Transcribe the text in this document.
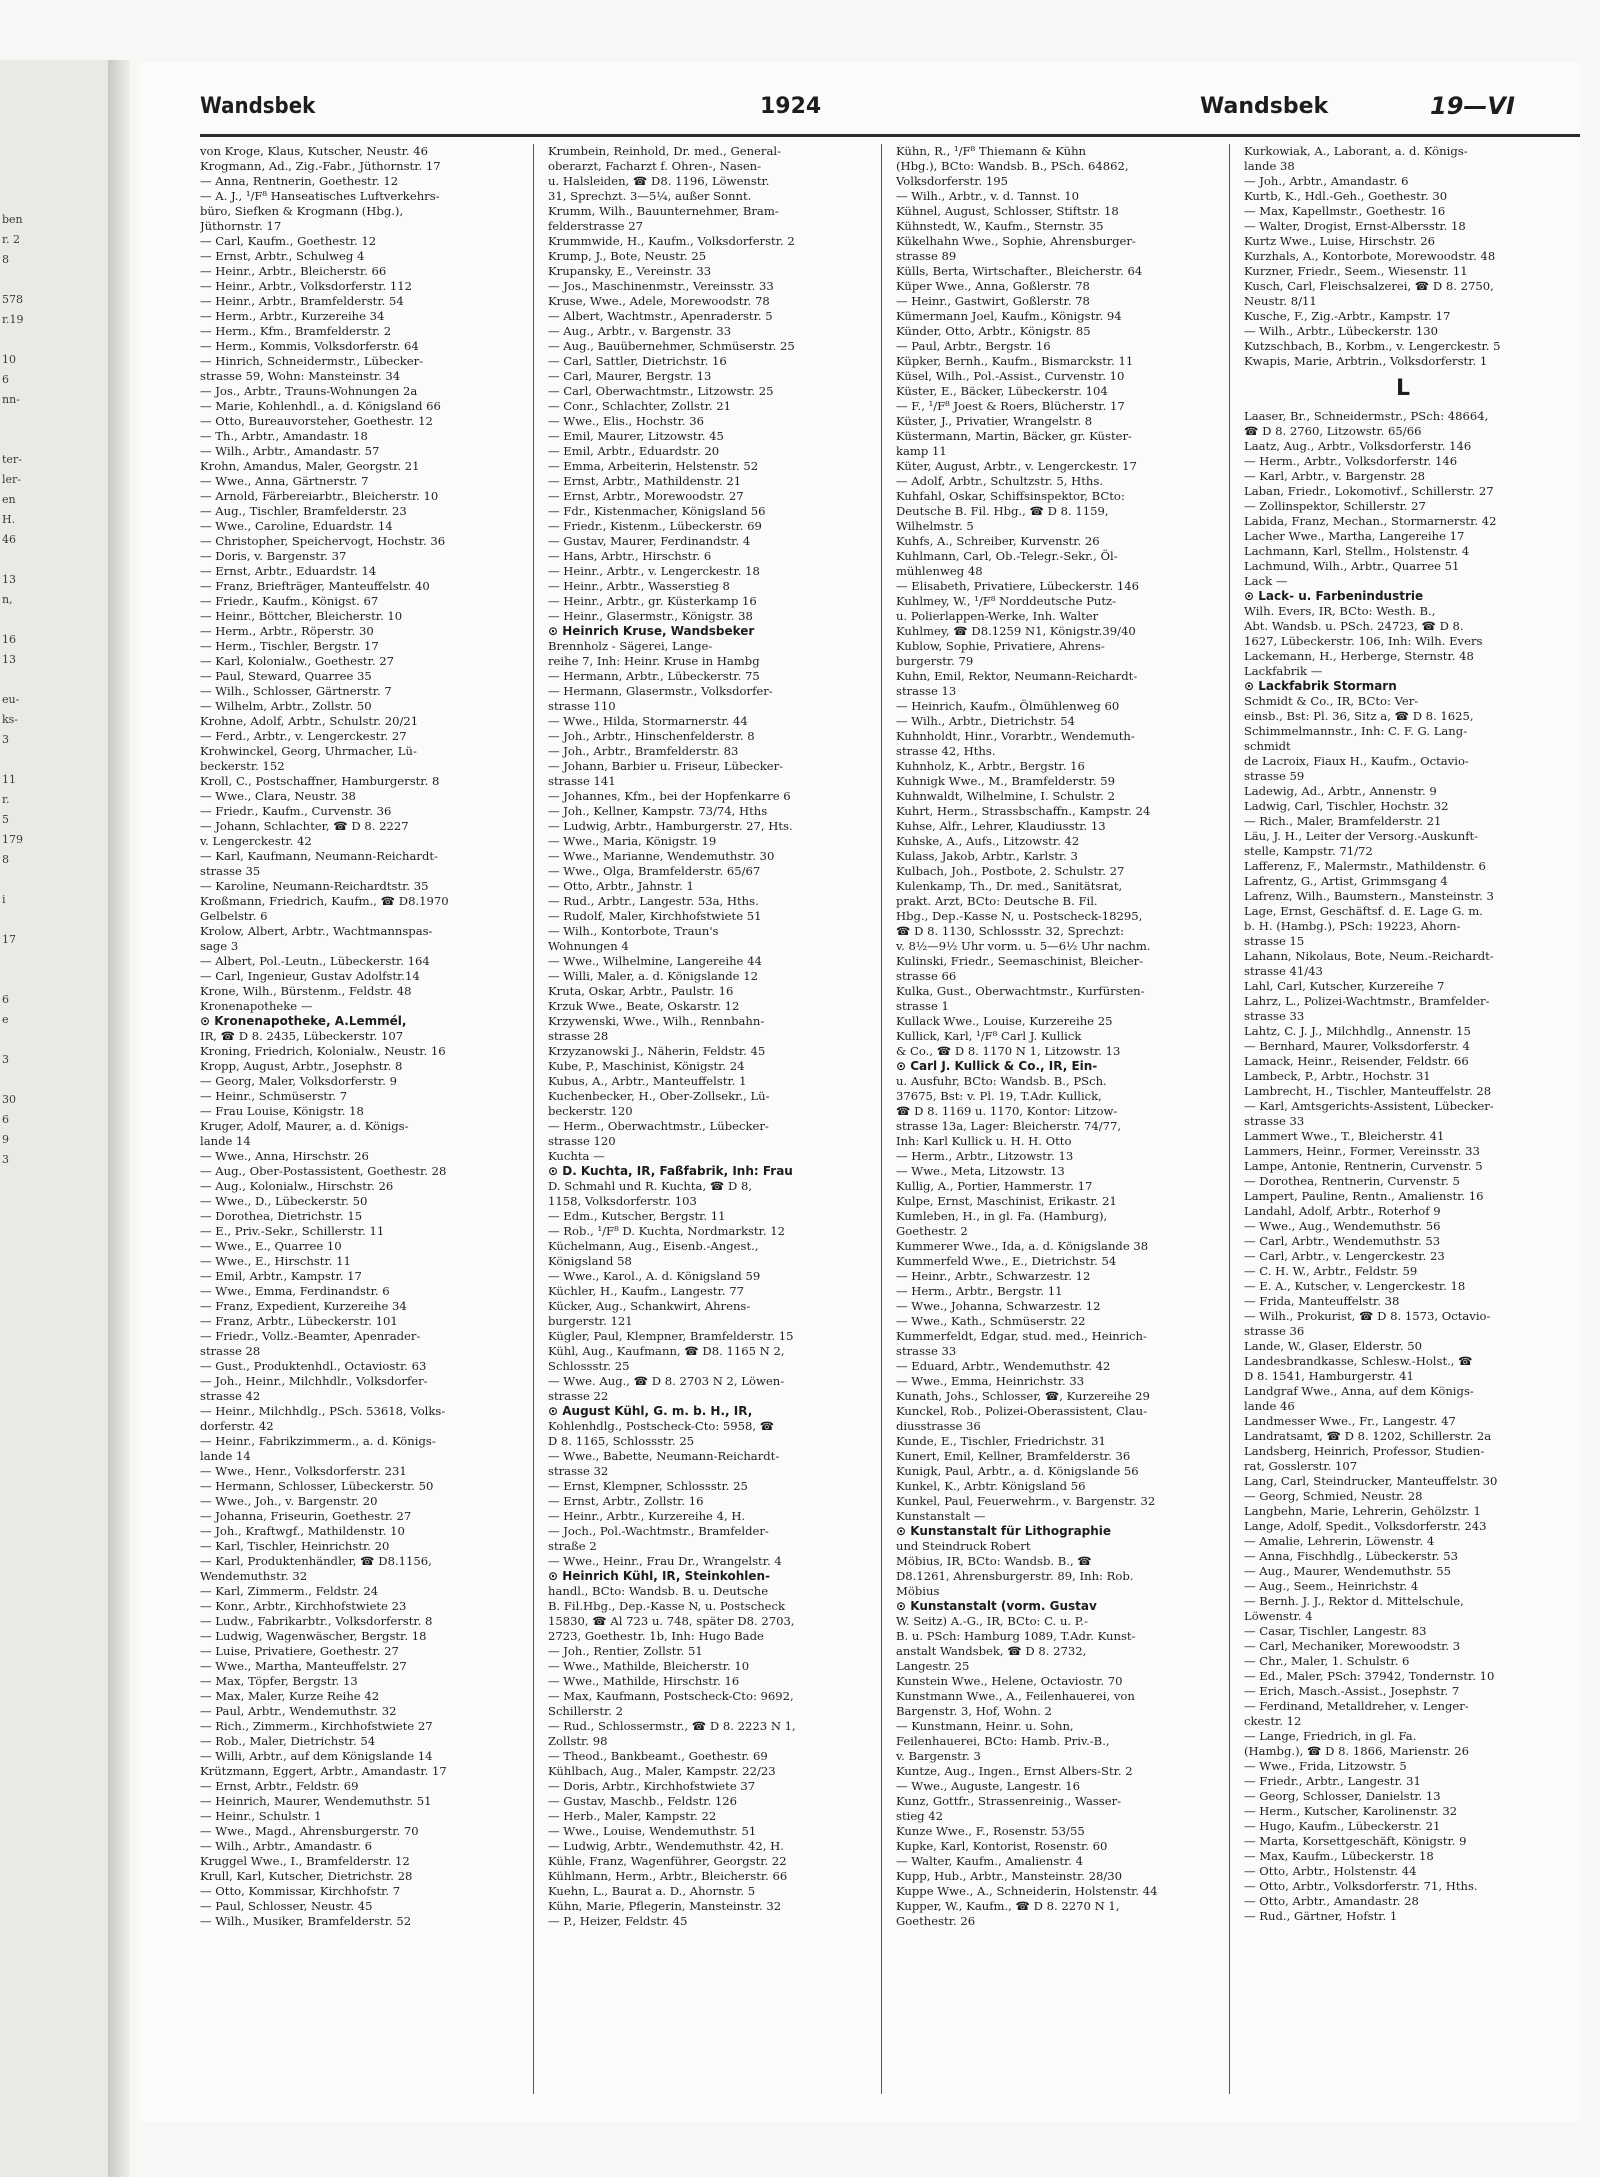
ben
r. 2
8

578
r.19

10
6
nn-

ter-
ler-
en
H.
46

13
n,

16
13

eu-
ks-
3

11
r.
5
179
8

i

17

6
e

3

30
6
9
3
Wandsbek	1924	Wandsbek	19—VI
von Kroge, Klaus, Kutscher, Neustr. 46
Krogmann, Ad., Zig.-Fabr., Jüthornstr. 17
— Anna, Rentnerin, Goethestr. 12
— A. J., ¹/F⁸ Hanseatisches Luftverkehrs-
büro, Siefken & Krogmann (Hbg.),
Jüthornstr. 17
— Carl, Kaufm., Goethestr. 12
— Ernst, Arbtr., Schulweg 4
— Heinr., Arbtr., Bleicherstr. 66
— Heinr., Arbtr., Volksdorferstr. 112
— Heinr., Arbtr., Bramfelderstr. 54
— Herm., Arbtr., Kurzereihe 34
— Herm., Kfm., Bramfelderstr. 2
— Herm., Kommis, Volksdorferstr. 64
— Hinrich, Schneidermstr., Lübecker-
strasse 59, Wohn: Mansteinstr. 34
— Jos., Arbtr., Trauns-Wohnungen 2a
— Marie, Kohlenhdl., a. d. Königsland 66
— Otto, Bureauvorsteher, Goethestr. 12
— Th., Arbtr., Amandastr. 18
— Wilh., Arbtr., Amandastr. 57
Krohn, Amandus, Maler, Georgstr. 21
— Wwe., Anna, Gärtnerstr. 7
— Arnold, Färbereiarbtr., Bleicherstr. 10
— Aug., Tischler, Bramfelderstr. 23
— Wwe., Caroline, Eduardstr. 14
— Christopher, Speichervogt, Hochstr. 36
— Doris, v. Bargenstr. 37
— Ernst, Arbtr., Eduardstr. 14
— Franz, Briefträger, Manteuffelstr. 40
— Friedr., Kaufm., Königst. 67
— Heinr., Böttcher, Bleicherstr. 10
— Herm., Arbtr., Röperstr. 30
— Herm., Tischler, Bergstr. 17
— Karl, Kolonialw., Goethestr. 27
— Paul, Steward, Quarree 35
— Wilh., Schlosser, Gärtnerstr. 7
— Wilhelm, Arbtr., Zollstr. 50
Krohne, Adolf, Arbtr., Schulstr. 20/21
— Ferd., Arbtr., v. Lengerckestr. 27
Krohwinckel, Georg, Uhrmacher, Lü-
beckerstr. 152
Kroll, C., Postschaffner, Hamburgerstr. 8
— Wwe., Clara, Neustr. 38
— Friedr., Kaufm., Curvenstr. 36
— Johann, Schlachter, ☎ D 8. 2227
v. Lengerckestr. 42
— Karl, Kaufmann, Neumann-Reichardt-
strasse 35
— Karoline, Neumann-Reichardtstr. 35
Kroßmann, Friedrich, Kaufm., ☎ D8.1970
Gelbelstr. 6
Krolow, Albert, Arbtr., Wachtmannspas-
sage 3
— Albert, Pol.-Leutn., Lübeckerstr. 164
— Carl, Ingenieur, Gustav Adolfstr.14
Krone, Wilh., Bürstenm., Feldstr. 48
Kronenapotheke —
⊙ Kronenapotheke, A.Lemmél,
IR, ☎ D 8. 2435, Lübeckerstr. 107
Kroning, Friedrich, Kolonialw., Neustr. 16
Kropp, August, Arbtr., Josephstr. 8
— Georg, Maler, Volksdorferstr. 9
— Heinr., Schmüserstr. 7
— Frau Louise, Königstr. 18
Kruger, Adolf, Maurer, a. d. Königs-
lande 14
— Wwe., Anna, Hirschstr. 26
— Aug., Ober-Postassistent, Goethestr. 28
— Aug., Kolonialw., Hirschstr. 26
— Wwe., D., Lübeckerstr. 50
— Dorothea, Dietrichstr. 15
— E., Priv.-Sekr., Schillerstr. 11
— Wwe., E., Quarree 10
— Wwe., E., Hirschstr. 11
— Emil, Arbtr., Kampstr. 17
— Wwe., Emma, Ferdinandstr. 6
— Franz, Expedient, Kurzereihe 34
— Franz, Arbtr., Lübeckerstr. 101
— Friedr., Vollz.-Beamter, Apenrader-
strasse 28
— Gust., Produktenhdl., Octaviostr. 63
— Joh., Heinr., Milchhdlr., Volksdorfer-
strasse 42
— Heinr., Milchhdlg., PSch. 53618, Volks-
dorferstr. 42
— Heinr., Fabrikzimmerm., a. d. Königs-
lande 14
— Wwe., Henr., Volksdorferstr. 231
— Hermann, Schlosser, Lübeckerstr. 50
— Wwe., Joh., v. Bargenstr. 20
— Johanna, Friseurin, Goethestr. 27
— Joh., Kraftwgf., Mathildenstr. 10
— Karl, Tischler, Heinrichstr. 20
— Karl, Produktenhändler, ☎ D8.1156,
Wendemuthstr. 32
— Karl, Zimmerm., Feldstr. 24
— Konr., Arbtr., Kirchhofstwiete 23
— Ludw., Fabrikarbtr., Volksdorferstr. 8
— Ludwig, Wagenwäscher, Bergstr. 18
— Luise, Privatiere, Goethestr. 27
— Wwe., Martha, Manteuffelstr. 27
— Max, Töpfer, Bergstr. 13
— Max, Maler, Kurze Reihe 42
— Paul, Arbtr., Wendemuthstr. 32
— Rich., Zimmerm., Kirchhofstwiete 27
— Rob., Maler, Dietrichstr. 54
— Willi, Arbtr., auf dem Königslande 14
Krützmann, Eggert, Arbtr., Amandastr. 17
— Ernst, Arbtr., Feldstr. 69
— Heinrich, Maurer, Wendemuthstr. 51
— Heinr., Schulstr. 1
— Wwe., Magd., Ahrensburgerstr. 70
— Wilh., Arbtr., Amandastr. 6
Kruggel Wwe., I., Bramfelderstr. 12
Krull, Karl, Kutscher, Dietrichstr. 28
— Otto, Kommissar, Kirchhofstr. 7
— Paul, Schlosser, Neustr. 45
— Wilh., Musiker, Bramfelderstr. 52
Krumbein, Reinhold, Dr. med., General-
oberarzt, Facharzt f. Ohren-, Nasen-
u. Halsleiden, ☎ D8. 1196, Löwenstr.
31, Sprechzt. 3—5¼, außer Sonnt.
Krumm, Wilh., Bauunternehmer, Bram-
felderstrasse 27
Krummwide, H., Kaufm., Volksdorferstr. 2
Krump, J., Bote, Neustr. 25
Krupansky, E., Vereinstr. 33
— Jos., Maschinenmstr., Vereinsstr. 33
Kruse, Wwe., Adele, Morewoodstr. 78
— Albert, Wachtmstr., Apenraderstr. 5
— Aug., Arbtr., v. Bargenstr. 33
— Aug., Bauübernehmer, Schmüserstr. 25
— Carl, Sattler, Dietrichstr. 16
— Carl, Maurer, Bergstr. 13
— Carl, Oberwachtmstr., Litzowstr. 25
— Conr., Schlachter, Zollstr. 21
— Wwe., Elis., Hochstr. 36
— Emil, Maurer, Litzowstr. 45
— Emil, Arbtr., Eduardstr. 20
— Emma, Arbeiterin, Helstenstr. 52
— Ernst, Arbtr., Mathildenstr. 21
— Ernst, Arbtr., Morewoodstr. 27
— Fdr., Kistenmacher, Königsland 56
— Friedr., Kistenm., Lübeckerstr. 69
— Gustav, Maurer, Ferdinandstr. 4
— Hans, Arbtr., Hirschstr. 6
— Heinr., Arbtr., v. Lengerckestr. 18
— Heinr., Arbtr., Wasserstieg 8
— Heinr., Arbtr., gr. Küsterkamp 16
— Heinr., Glasermstr., Königstr. 38
⊙ Heinrich Kruse, Wandsbeker
Brennholz - Sägerei, Lange-
reihe 7, Inh: Heinr. Kruse in Hambg
— Hermann, Arbtr., Lübeckerstr. 75
— Hermann, Glasermstr., Volksdorfer-
strasse 110
— Wwe., Hilda, Stormarnerstr. 44
— Joh., Arbtr., Hinschenfelderstr. 8
— Joh., Arbtr., Bramfelderstr. 83
— Johann, Barbier u. Friseur, Lübecker-
strasse 141
— Johannes, Kfm., bei der Hopfenkarre 6
— Joh., Kellner, Kampstr. 73/74, Hths
— Ludwig, Arbtr., Hamburgerstr. 27, Hts.
— Wwe., Maria, Königstr. 19
— Wwe., Marianne, Wendemuthstr. 30
— Wwe., Olga, Bramfelderstr. 65/67
— Otto, Arbtr., Jahnstr. 1
— Rud., Arbtr., Langestr. 53a, Hths.
— Rudolf, Maler, Kirchhofstwiete 51
— Wilh., Kontorbote, Traun's
Wohnungen 4
— Wwe., Wilhelmine, Langereihe 44
— Willi, Maler, a. d. Königslande 12
Kruta, Oskar, Arbtr., Paulstr. 16
Krzuk Wwe., Beate, Oskarstr. 12
Krzywenski, Wwe., Wilh., Rennbahn-
strasse 28
Krzyzanowski J., Näherin, Feldstr. 45
Kube, P., Maschinist, Königstr. 24
Kubus, A., Arbtr., Manteuffelstr. 1
Kuchenbecker, H., Ober-Zollsekr., Lü-
beckerstr. 120
— Herm., Oberwachtmstr., Lübecker-
strasse 120
Kuchta —
⊙ D. Kuchta, IR, Faßfabrik, Inh: Frau
D. Schmahl und R. Kuchta, ☎ D 8,
1158, Volksdorferstr. 103
— Edm., Kutscher, Bergstr. 11
— Rob., ¹/F⁸ D. Kuchta, Nordmarkstr. 12
Küchelmann, Aug., Eisenb.-Angest.,
Königsland 58
— Wwe., Karol., A. d. Königsland 59
Küchler, H., Kaufm., Langestr. 77
Kücker, Aug., Schankwirt, Ahrens-
burgerstr. 121
Kügler, Paul, Klempner, Bramfelderstr. 15
Kühl, Aug., Kaufmann, ☎ D8. 1165 N 2,
Schlossstr. 25
— Wwe. Aug., ☎ D 8. 2703 N 2, Löwen-
strasse 22
⊙ August Kühl, G. m. b. H., IR,
Kohlenhdlg., Postscheck-Cto: 5958, ☎
D 8. 1165, Schlossstr. 25
— Wwe., Babette, Neumann-Reichardt-
strasse 32
— Ernst, Klempner, Schlossstr. 25
— Ernst, Arbtr., Zollstr. 16
— Heinr., Arbtr., Kurzereihe 4, H.
— Joch., Pol.-Wachtmstr., Bramfelder-
straße 2
— Wwe., Heinr., Frau Dr., Wrangelstr. 4
⊙ Heinrich Kühl, IR, Steinkohlen-
handl., BCto: Wandsb. B. u. Deutsche
B. Fil.Hbg., Dep.-Kasse N, u. Postscheck
15830, ☎ Al 723 u. 748, später D8. 2703,
2723, Goethestr. 1b, Inh: Hugo Bade
— Joh., Rentier, Zollstr. 51
— Wwe., Mathilde, Bleicherstr. 10
— Wwe., Mathilde, Hirschstr. 16
— Max, Kaufmann, Postscheck-Cto: 9692,
Schillerstr. 2
— Rud., Schlossermstr., ☎ D 8. 2223 N 1,
Zollstr. 98
— Theod., Bankbeamt., Goethestr. 69
Kühlbach, Aug., Maler, Kampstr. 22/23
— Doris, Arbtr., Kirchhofstwiete 37
— Gustav, Maschb., Feldstr. 126
— Herb., Maler, Kampstr. 22
— Wwe., Louise, Wendemuthstr. 51
— Ludwig, Arbtr., Wendemuthstr. 42, H.
Kühle, Franz, Wagenführer, Georgstr. 22
Kühlmann, Herm., Arbtr., Bleicherstr. 66
Kuehn, L., Baurat a. D., Ahornstr. 5
Kühn, Marie, Pflegerin, Mansteinstr. 32
— P., Heizer, Feldstr. 45
Kühn, R., ¹/F⁸ Thiemann & Kühn
(Hbg.), BCto: Wandsb. B., PSch. 64862,
Volksdorferstr. 195
— Wilh., Arbtr., v. d. Tannst. 10
Kühnel, August, Schlosser, Stiftstr. 18
Kühnstedt, W., Kaufm., Sternstr. 35
Kükelhahn Wwe., Sophie, Ahrensburger-
strasse 89
Külls, Berta, Wirtschafter., Bleicherstr. 64
Küper Wwe., Anna, Goßlerstr. 78
— Heinr., Gastwirt, Goßlerstr. 78
Kümermann Joel, Kaufm., Königstr. 94
Künder, Otto, Arbtr., Königstr. 85
— Paul, Arbtr., Bergstr. 16
Küpker, Bernh., Kaufm., Bismarckstr. 11
Küsel, Wilh., Pol.-Assist., Curvenstr. 10
Küster, E., Bäcker, Lübeckerstr. 104
— F., ¹/F⁸ Joest & Roers, Blücherstr. 17
Küster, J., Privatier, Wrangelstr. 8
Küstermann, Martin, Bäcker, gr. Küster-
kamp 11
Küter, August, Arbtr., v. Lengerckestr. 17
— Adolf, Arbtr., Schultzstr. 5, Hths.
Kuhfahl, Oskar, Schiffsinspektor, BCto:
Deutsche B. Fil. Hbg., ☎ D 8. 1159,
Wilhelmstr. 5
Kuhfs, A., Schreiber, Kurvenstr. 26
Kuhlmann, Carl, Ob.-Telegr.-Sekr., Öl-
mühlenweg 48
— Elisabeth, Privatiere, Lübeckerstr. 146
Kuhlmey, W., ¹/F⁸ Norddeutsche Putz-
u. Polierlappen-Werke, Inh. Walter
Kuhlmey, ☎ D8.1259 N1, Königstr.39/40
Kublow, Sophie, Privatiere, Ahrens-
burgerstr. 79
Kuhn, Emil, Rektor, Neumann-Reichardt-
strasse 13
— Heinrich, Kaufm., Ölmühlenweg 60
— Wilh., Arbtr., Dietrichstr. 54
Kuhnholdt, Hinr., Vorarbtr., Wendemuth-
strasse 42, Hths.
Kuhnholz, K., Arbtr., Bergstr. 16
Kuhnigk Wwe., M., Bramfelderstr. 59
Kuhnwaldt, Wilhelmine, I. Schulstr. 2
Kuhrt, Herm., Strassbschaffn., Kampstr. 24
Kuhse, Alfr., Lehrer, Klaudiusstr. 13
Kuhske, A., Aufs., Litzowstr. 42
Kulass, Jakob, Arbtr., Karlstr. 3
Kulbach, Joh., Postbote, 2. Schulstr. 27
Kulenkamp, Th., Dr. med., Sanitätsrat,
prakt. Arzt, BCto: Deutsche B. Fil.
Hbg., Dep.-Kasse N, u. Postscheck-18295,
☎ D 8. 1130, Schlossstr. 32, Sprechzt:
v. 8½—9½ Uhr vorm. u. 5—6½ Uhr nachm.
Kulinski, Friedr., Seemaschinist, Bleicher-
strasse 66
Kulka, Gust., Oberwachtmstr., Kurfürsten-
strasse 1
Kullack Wwe., Louise, Kurzereihe 25
Kullick, Karl, ¹/F⁸ Carl J. Kullick
& Co., ☎ D 8. 1170 N 1, Litzowstr. 13
⊙ Carl J. Kullick & Co., IR, Ein-
u. Ausfuhr, BCto: Wandsb. B., PSch.
37675, Bst: v. Pl. 19, T.Adr. Kullick,
☎ D 8. 1169 u. 1170, Kontor: Litzow-
strasse 13a, Lager: Bleicherstr. 74/77,
Inh: Karl Kullick u. H. H. Otto
— Herm., Arbtr., Litzowstr. 13
— Wwe., Meta, Litzowstr. 13
Kullig, A., Portier, Hammerstr. 17
Kulpe, Ernst, Maschinist, Erikastr. 21
Kumleben, H., in gl. Fa. (Hamburg),
Goethestr. 2
Kummerer Wwe., Ida, a. d. Königslande 38
Kummerfeld Wwe., E., Dietrichstr. 54
— Heinr., Arbtr., Schwarzestr. 12
— Herm., Arbtr., Bergstr. 11
— Wwe., Johanna, Schwarzestr. 12
— Wwe., Kath., Schmüserstr. 22
Kummerfeldt, Edgar, stud. med., Heinrich-
strasse 33
— Eduard, Arbtr., Wendemuthstr. 42
— Wwe., Emma, Heinrichstr. 33
Kunath, Johs., Schlosser, ☎, Kurzereihe 29
Kunckel, Rob., Polizei-Oberassistent, Clau-
diusstrasse 36
Kunde, E., Tischler, Friedrichstr. 31
Kunert, Emil, Kellner, Bramfelderstr. 36
Kunigk, Paul, Arbtr., a. d. Königslande 56
Kunkel, K., Arbtr. Königsland 56
Kunkel, Paul, Feuerwehrm., v. Bargenstr. 32
Kunstanstalt —
⊙ Kunstanstalt für Lithographie
und Steindruck Robert
Möbius, IR, BCto: Wandsb. B., ☎
D8.1261, Ahrensburgerstr. 89, Inh: Rob.
Möbius
⊙ Kunstanstalt (vorm. Gustav
W. Seitz) A.-G., IR, BCto: C. u. P.-
B. u. PSch: Hamburg 1089, T.Adr. Kunst-
anstalt Wandsbek, ☎ D 8. 2732,
Langestr. 25
Kunstein Wwe., Helene, Octaviostr. 70
Kunstmann Wwe., A., Feilenhauerei, von
Bargenstr. 3, Hof, Wohn. 2
— Kunstmann, Heinr. u. Sohn,
Feilenhauerei, BCto: Hamb. Priv.-B.,
v. Bargenstr. 3
Kuntze, Aug., Ingen., Ernst Albers-Str. 2
— Wwe., Auguste, Langestr. 16
Kunz, Gottfr., Strassenreinig., Wasser-
stieg 42
Kunze Wwe., F., Rosenstr. 53/55
Kupke, Karl, Kontorist, Rosenstr. 60
— Walter, Kaufm., Amalienstr. 4
Kupp, Hub., Arbtr., Mansteinstr. 28/30
Kuppe Wwe., A., Schneiderin, Holstenstr. 44
Kupper, W., Kaufm., ☎ D 8. 2270 N 1,
Goethestr. 26
Kurkowiak, A., Laborant, a. d. Königs-
lande 38
— Joh., Arbtr., Amandastr. 6
Kurtb, K., Hdl.-Geh., Goethestr. 30
— Max, Kapellmstr., Goethestr. 16
— Walter, Drogist, Ernst-Albersstr. 18
Kurtz Wwe., Luise, Hirschstr. 26
Kurzhals, A., Kontorbote, Morewoodstr. 48
Kurzner, Friedr., Seem., Wiesenstr. 11
Kusch, Carl, Fleischsalzerei, ☎ D 8. 2750,
Neustr. 8/11
Kusche, F., Zig.-Arbtr., Kampstr. 17
— Wilh., Arbtr., Lübeckerstr. 130
Kutzschbach, B., Korbm., v. Lengerckestr. 5
Kwapis, Marie, Arbtrin., Volksdorferstr. 1
L
Laaser, Br., Schneidermstr., PSch: 48664,
☎ D 8. 2760, Litzowstr. 65/66
Laatz, Aug., Arbtr., Volksdorferstr. 146
— Herm., Arbtr., Volksdorferstr. 146
— Karl, Arbtr., v. Bargenstr. 28
Laban, Friedr., Lokomotivf., Schillerstr. 27
— Zollinspektor, Schillerstr. 27
Labida, Franz, Mechan., Stormarnerstr. 42
Lacher Wwe., Martha, Langereihe 17
Lachmann, Karl, Stellm., Holstenstr. 4
Lachmund, Wilh., Arbtr., Quarree 51
Lack —
⊙ Lack- u. Farbenindustrie
Wilh. Evers, IR, BCto: Westh. B.,
Abt. Wandsb. u. PSch. 24723, ☎ D 8.
1627, Lübeckerstr. 106, Inh: Wilh. Evers
Lackemann, H., Herberge, Sternstr. 48
Lackfabrik —
⊙ Lackfabrik Stormarn
Schmidt & Co., IR, BCto: Ver-
einsb., Bst: Pl. 36, Sitz a, ☎ D 8. 1625,
Schimmelmannstr., Inh: C. F. G. Lang-
schmidt
de Lacroix, Fiaux H., Kaufm., Octavio-
strasse 59
Ladewig, Ad., Arbtr., Annenstr. 9
Ladwig, Carl, Tischler, Hochstr. 32
— Rich., Maler, Bramfelderstr. 21
Läu, J. H., Leiter der Versorg.-Auskunft-
stelle, Kampstr. 71/72
Lafferenz, F., Malermstr., Mathildenstr. 6
Lafrentz, G., Artist, Grimmsgang 4
Lafrenz, Wilh., Baumstern., Mansteinstr. 3
Lage, Ernst, Geschäftsf. d. E. Lage G. m.
b. H. (Hambg.), PSch: 19223, Ahorn-
strasse 15
Lahann, Nikolaus, Bote, Neum.-Reichardt-
strasse 41/43
Lahl, Carl, Kutscher, Kurzereihe 7
Lahrz, L., Polizei-Wachtmstr., Bramfelder-
strasse 33
Lahtz, C. J. J., Milchhdlg., Annenstr. 15
— Bernhard, Maurer, Volksdorferstr. 4
Lamack, Heinr., Reisender, Feldstr. 66
Lambeck, P., Arbtr., Hochstr. 31
Lambrecht, H., Tischler, Manteuffelstr. 28
— Karl, Amtsgerichts-Assistent, Lübecker-
strasse 33
Lammert Wwe., T., Bleicherstr. 41
Lammers, Heinr., Former, Vereinsstr. 33
Lampe, Antonie, Rentnerin, Curvenstr. 5
— Dorothea, Rentnerin, Curvenstr. 5
Lampert, Pauline, Rentn., Amalienstr. 16
Landahl, Adolf, Arbtr., Roterhof 9
— Wwe., Aug., Wendemuthstr. 56
— Carl, Arbtr., Wendemuthstr. 53
— Carl, Arbtr., v. Lengerckestr. 23
— C. H. W., Arbtr., Feldstr. 59
— E. A., Kutscher, v. Lengerckestr. 18
— Frida, Manteuffelstr. 38
— Wilh., Prokurist, ☎ D 8. 1573, Octavio-
strasse 36
Lande, W., Glaser, Elderstr. 50
Landesbrandkasse, Schlesw.-Holst., ☎
D 8. 1541, Hamburgerstr. 41
Landgraf Wwe., Anna, auf dem Königs-
lande 46
Landmesser Wwe., Fr., Langestr. 47
Landratsamt, ☎ D 8. 1202, Schillerstr. 2a
Landsberg, Heinrich, Professor, Studien-
rat, Gosslerstr. 107
Lang, Carl, Steindrucker, Manteuffelstr. 30
— Georg, Schmied, Neustr. 28
Langbehn, Marie, Lehrerin, Gehölzstr. 1
Lange, Adolf, Spedit., Volksdorferstr. 243
— Amalie, Lehrerin, Löwenstr. 4
— Anna, Fischhdlg., Lübeckerstr. 53
— Aug., Maurer, Wendemuthstr. 55
— Aug., Seem., Heinrichstr. 4
— Bernh. J. J., Rektor d. Mittelschule,
Löwenstr. 4
— Casar, Tischler, Langestr. 83
— Carl, Mechaniker, Morewoodstr. 3
— Chr., Maler, 1. Schulstr. 6
— Ed., Maler, PSch: 37942, Tondernstr. 10
— Erich, Masch.-Assist., Josephstr. 7
— Ferdinand, Metalldreher, v. Lenger-
ckestr. 12
— Lange, Friedrich, in gl. Fa.
(Hambg.), ☎ D 8. 1866, Marienstr. 26
— Wwe., Frida, Litzowstr. 5
— Friedr., Arbtr., Langestr. 31
— Georg, Schlosser, Danielstr. 13
— Herm., Kutscher, Karolinenstr. 32
— Hugo, Kaufm., Lübeckerstr. 21
— Marta, Korsettgeschäft, Königstr. 9
— Max, Kaufm., Lübeckerstr. 18
— Otto, Arbtr., Holstenstr. 44
— Otto, Arbtr., Volksdorferstr. 71, Hths.
— Otto, Arbtr., Amandastr. 28
— Rud., Gärtner, Hofstr. 1
